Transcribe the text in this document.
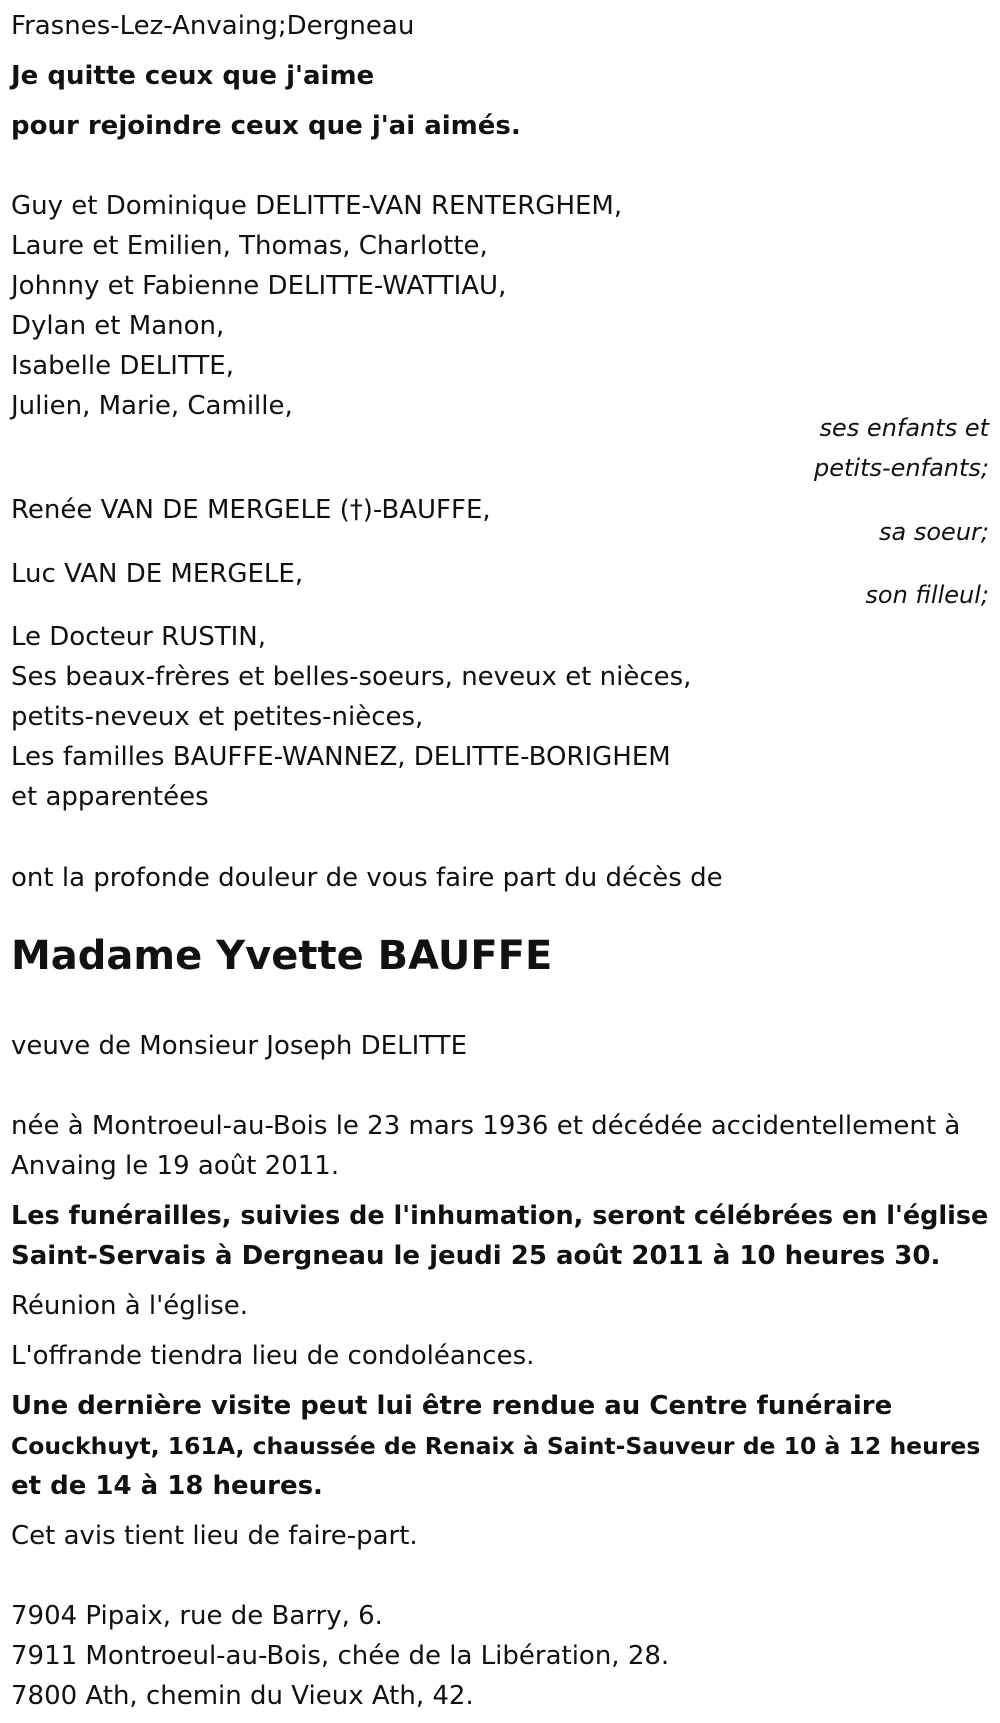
Frasnes-Lez-Anvaing;Dergneau
Je quitte ceux que j'aime
pour rejoindre ceux que j'ai aimés.
Guy et Dominique DELITTE-VAN RENTERGHEM,
Laure et Emilien, Thomas, Charlotte,
Johnny et Fabienne DELITTE-WATTIAU,
Dylan et Manon,
Isabelle DELITTE,
Julien, Marie, Camille,
ses enfants et
petits-enfants;
Renée VAN DE MERGELE (†)-BAUFFE,
sa soeur;
Luc VAN DE MERGELE,
son filleul;
Le Docteur RUSTIN,
Ses beaux-frères et belles-soeurs, neveux et nièces,
petits-neveux et petites-nièces,
Les familles BAUFFE-WANNEZ, DELITTE-BORIGHEM
et apparentées
ont la profonde douleur de vous faire part du décès de
Madame Yvette BAUFFE
veuve de Monsieur Joseph DELITTE
née à Montroeul-au-Bois le 23 mars 1936 et décédée accidentellement à
Anvaing le 19 août 2011.
Les funérailles, suivies de l'inhumation, seront célébrées en l'église
Saint-Servais à Dergneau le jeudi 25 août 2011 à 10 heures 30.
Réunion à l'église.
L'offrande tiendra lieu de condoléances.
Une dernière visite peut lui être rendue au Centre funéraire
Couckhuyt, 161A, chaussée de Renaix à Saint-Sauveur de 10 à 12 heures
et de 14 à 18 heures.
Cet avis tient lieu de faire-part.
7904 Pipaix, rue de Barry, 6.
7911 Montroeul-au-Bois, chée de la Libération, 28.
7800 Ath, chemin du Vieux Ath, 42.
